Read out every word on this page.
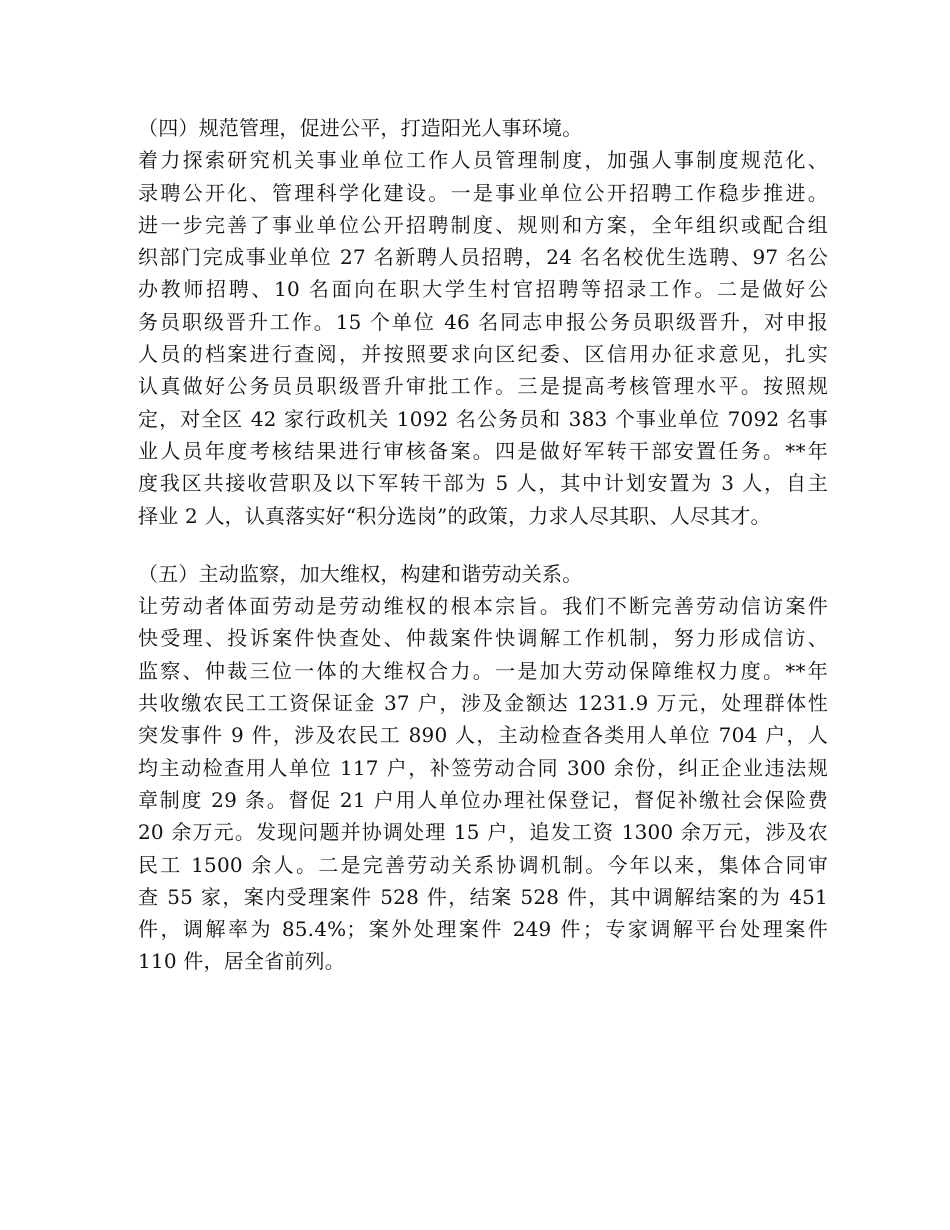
（四）规范管理，促进公平，打造阳光人事环境。
着力探索研究机关事业单位工作人员管理制度，加强人事制度规范化、
录聘公开化、管理科学化建设。一是事业单位公开招聘工作稳步推进。
进一步完善了事业单位公开招聘制度、规则和方案，全年组织或配合组
织部门完成事业单位 27 名新聘人员招聘，24 名名校优生选聘、97 名公
办教师招聘、10 名面向在职大学生村官招聘等招录工作。二是做好公
务员职级晋升工作。15 个单位 46 名同志申报公务员职级晋升，对申报
人员的档案进行查阅，并按照要求向区纪委、区信用办征求意见，扎实
认真做好公务员员职级晋升审批工作。三是提高考核管理水平。按照规
定，对全区 42 家行政机关 1092 名公务员和 383 个事业单位 7092 名事
业人员年度考核结果进行审核备案。四是做好军转干部安置任务。**年
度我区共接收营职及以下军转干部为 5 人，其中计划安置为 3 人，自主
择业 2 人，认真落实好“积分选岗”的政策，力求人尽其职、人尽其才。
（五）主动监察，加大维权，构建和谐劳动关系。
让劳动者体面劳动是劳动维权的根本宗旨。我们不断完善劳动信访案件
快受理、投诉案件快查处、仲裁案件快调解工作机制，努力形成信访、
监察、仲裁三位一体的大维权合力。一是加大劳动保障维权力度。**年
共收缴农民工工资保证金 37 户，涉及金额达 1231.9 万元，处理群体性
突发事件 9 件，涉及农民工 890 人，主动检查各类用人单位 704 户，人
均主动检查用人单位 117 户，补签劳动合同 300 余份，纠正企业违法规
章制度 29 条。督促 21 户用人单位办理社保登记，督促补缴社会保险费
20 余万元。发现问题并协调处理 15 户，追发工资 1300 余万元，涉及农
民工 1500 余人。二是完善劳动关系协调机制。今年以来，集体合同审
查 55 家，案内受理案件 528 件，结案 528 件，其中调解结案的为 451
件，调解率为 85.4%；案外处理案件 249 件；专家调解平台处理案件
110 件，居全省前列。
